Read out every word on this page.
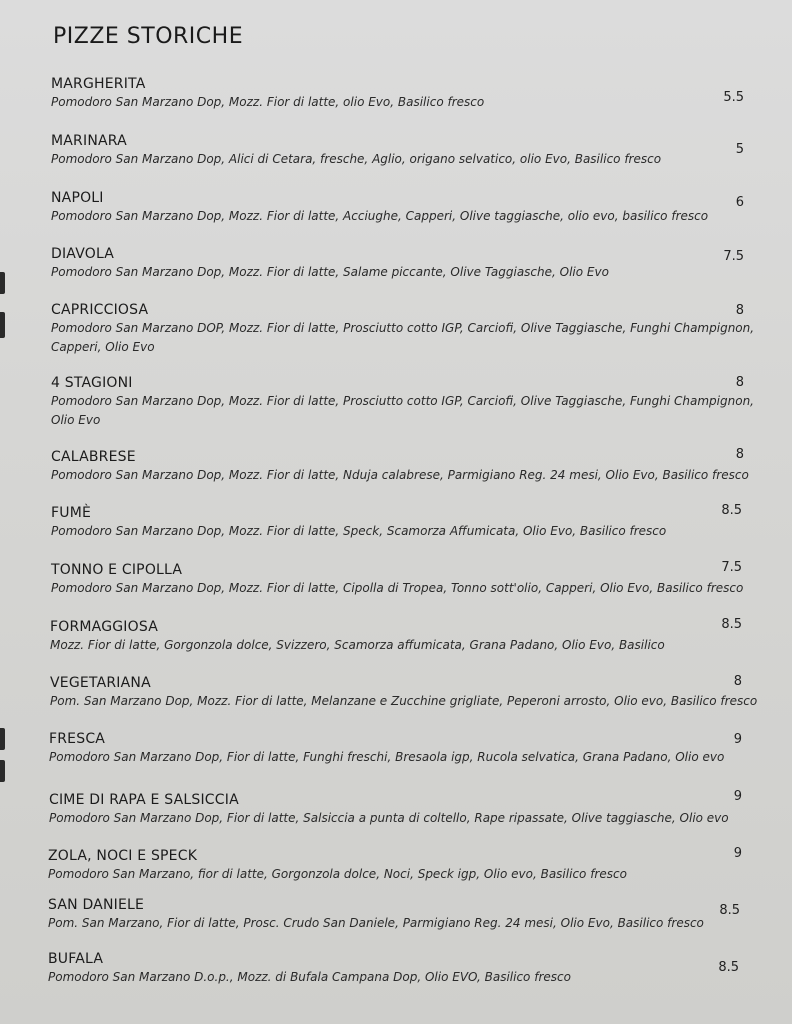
PIZZE STORICHE
MARGHERITA
Pomodoro San Marzano Dop, Mozz. Fior di latte, olio Evo, Basilico fresco	5.5
MARINARA
Pomodoro San Marzano Dop, Alici di Cetara, fresche, Aglio, origano selvatico, olio Evo, Basilico fresco
5
NAPOLI
Pomodoro San Marzano Dop, Mozz. Fior di latte, Acciughe, Capperi, Olive taggiasche, olio evo, basilico fresco
6
DIAVOLA
Pomodoro San Marzano Dop, Mozz. Fior di latte, Salame piccante, Olive Taggiasche, Olio Evo
7.5
CAPRICCIOSA
Pomodoro San Marzano DOP, Mozz. Fior di latte, Prosciutto cotto IGP, Carciofi, Olive Taggiasche, Funghi Champignon,
Capperi, Olio Evo
8
4 STAGIONI
Pomodoro San Marzano Dop, Mozz. Fior di latte, Prosciutto cotto IGP, Carciofi, Olive Taggiasche, Funghi Champignon,
Olio Evo
8
CALABRESE
Pomodoro San Marzano Dop, Mozz. Fior di latte, Nduja calabrese, Parmigiano Reg. 24 mesi, Olio Evo, Basilico fresco
8
FUMÈ
Pomodoro San Marzano Dop, Mozz. Fior di latte, Speck, Scamorza Affumicata, Olio Evo, Basilico fresco
8.5
TONNO E CIPOLLA
Pomodoro San Marzano Dop, Mozz. Fior di latte, Cipolla di Tropea, Tonno sott'olio, Capperi, Olio Evo, Basilico fresco
7.5
FORMAGGIOSA
Mozz. Fior di latte, Gorgonzola dolce, Svizzero, Scamorza affumicata, Grana Padano, Olio Evo, Basilico
8.5
VEGETARIANA
Pom. San Marzano Dop, Mozz. Fior di latte, Melanzane e Zucchine grigliate, Peperoni arrosto, Olio evo, Basilico fresco
8
FRESCA
Pomodoro San Marzano Dop, Fior di latte, Funghi freschi, Bresaola igp, Rucola selvatica, Grana Padano, Olio evo
9
CIME DI RAPA E SALSICCIA
Pomodoro San Marzano Dop, Fior di latte, Salsiccia a punta di coltello, Rape ripassate, Olive taggiasche, Olio evo
9
ZOLA, NOCI E SPECK
Pomodoro San Marzano, fior di latte, Gorgonzola dolce, Noci, Speck igp, Olio evo, Basilico fresco
9
SAN DANIELE
Pom. San Marzano, Fior di latte, Prosc. Crudo San Daniele, Parmigiano Reg. 24 mesi, Olio Evo, Basilico fresco
8.5
BUFALA
Pomodoro San Marzano D.o.p., Mozz. di Bufala Campana Dop, Olio EVO, Basilico fresco
8.5
